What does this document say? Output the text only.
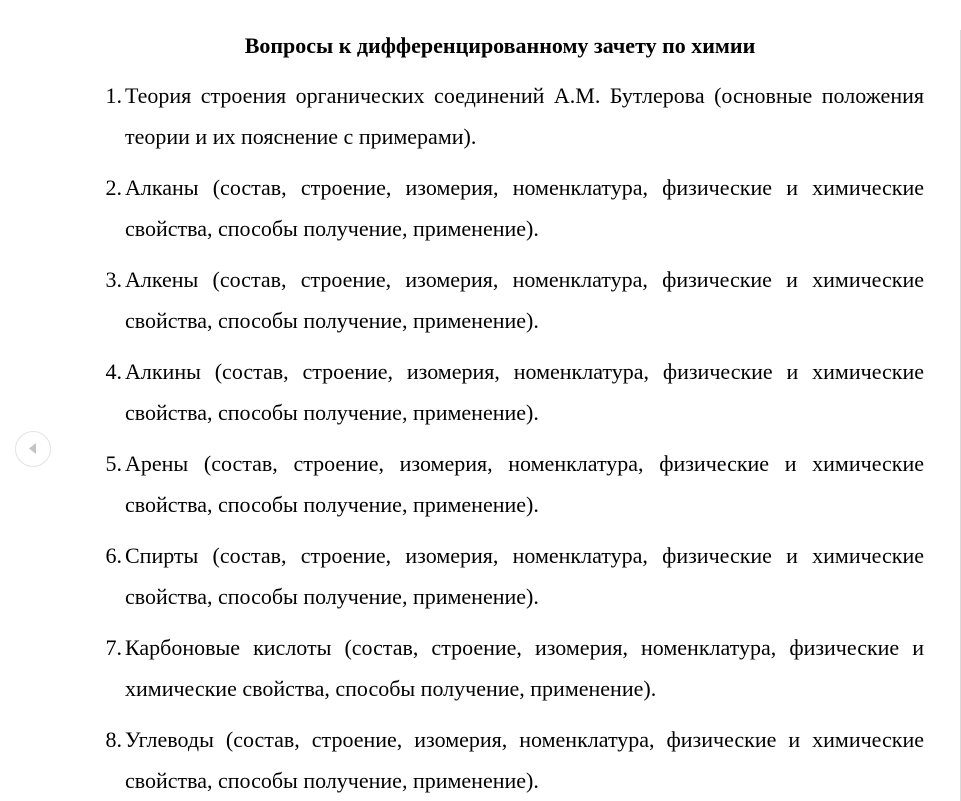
Вопросы к дифференцированному зачету по химии
1. Теория строения органических соединений А.М. Бутлерова (основные положения теории и их пояснение с примерами).
2. Алканы (состав, строение, изомерия, номенклатура, физические и химические свойства, способы получение, применение).
3. Алкены (состав, строение, изомерия, номенклатура, физические и химические свойства, способы получение, применение).
4. Алкины (состав, строение, изомерия, номенклатура, физические и химические свойства, способы получение, применение).
5. Арены (состав, строение, изомерия, номенклатура, физические и химические свойства, способы получение, применение).
6. Спирты (состав, строение, изомерия, номенклатура, физические и химические свойства, способы получение, применение).
7. Карбоновые кислоты (состав, строение, изомерия, номенклатура, физические и химические свойства, способы получение, применение).
8. Углеводы (состав, строение, изомерия, номенклатура, физические и химические свойства, способы получение, применение).
